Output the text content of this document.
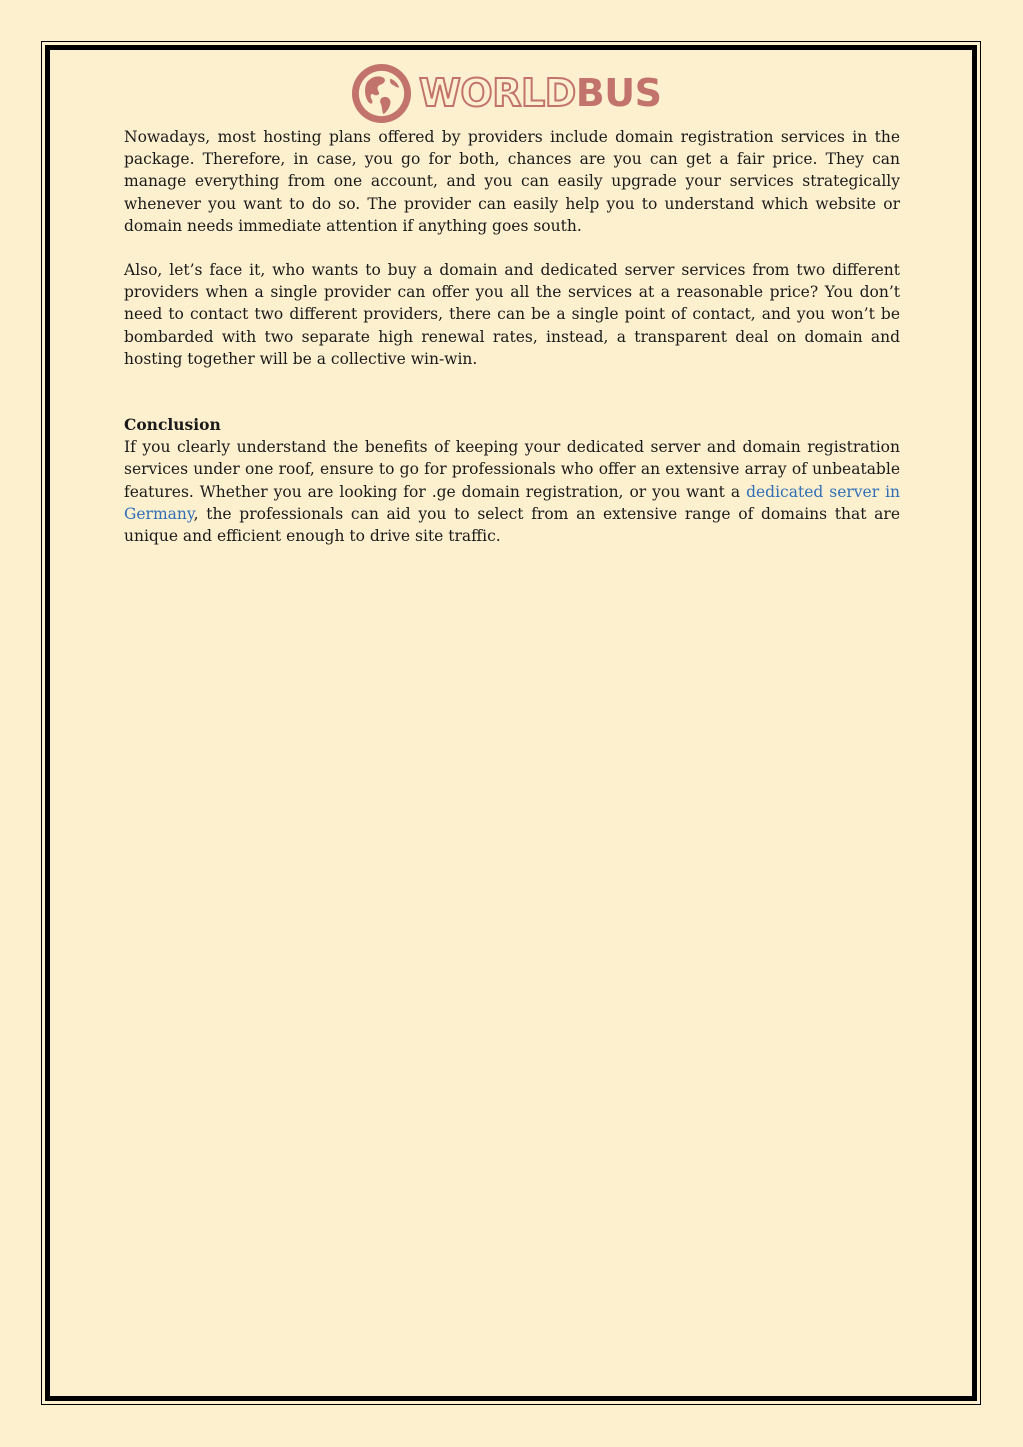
WORLDBUS

Nowadays, most hosting plans offered by providers include domain registration services in the package. Therefore, in case, you go for both, chances are you can get a fair price. They can manage everything from one account, and you can easily upgrade your services strategically whenever you want to do so. The provider can easily help you to understand which website or domain needs immediate attention if anything goes south.

Also, let’s face it, who wants to buy a domain and dedicated server services from two different providers when a single provider can offer you all the services at a reasonable price? You don’t need to contact two different providers, there can be a single point of contact, and you won’t be bombarded with two separate high renewal rates, instead, a transparent deal on domain and hosting together will be a collective win-win.

Conclusion

If you clearly understand the benefits of keeping your dedicated server and domain registration services under one roof, ensure to go for professionals who offer an extensive array of unbeatable features. Whether you are looking for .ge domain registration, or you want a dedicated server in Germany, the professionals can aid you to select from an extensive range of domains that are unique and efficient enough to drive site traffic.
